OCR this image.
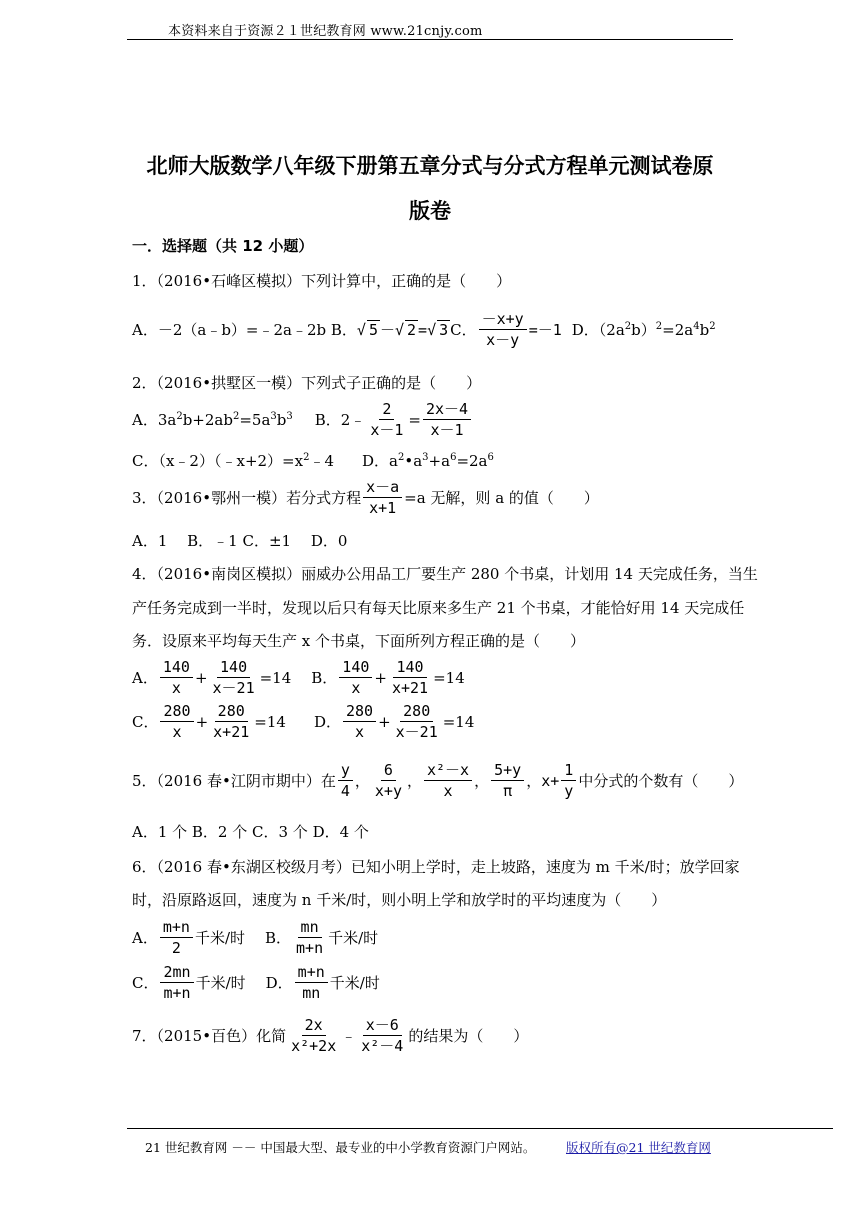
本资料来自于资源２１世纪教育网 www.21cnjy.com
北师大版数学八年级下册第五章分式与分式方程单元测试卷原
版卷
一．选择题（共 12 小题）
1．（2016•石峰区模拟）下列计算中，正确的是（　　）
A．－2（a﹣b）=﹣2a﹣2b B． √ 5 －√ 2 =√ 3 C． $\frac{-x+y}{x-y} =-1$ D．$(2a^2b)^2=2a^4b^2$
2．（2016•拱墅区一模）下列式子正确的是（　　）
A．$3a^2b+2ab^2=5a^3b^3$ B．2﹣ $\frac{2}{x-1} = \frac{2x-4}{x-1}$
C．$(x﹣2)(﹣x+2)=x^2﹣4$ D．$a^2•a^3+a^6=2a^6$
3．（2016•鄂州一模）若分式方程 $\frac{x-a}{x+1} =a$ 无解，则 a 的值（　　）
A．1　 B．﹣1 C．±1 　D．0
4．（2016•南岗区模拟）丽威办公用品工厂要生产 280 个书桌，计划用 14 天完成任务，当生
产任务完成到一半时，发现以后只有每天比原来多生产 21 个书桌，才能恰好用 14 天完成任
务．设原来平均每天生产 x 个书桌，下面所列方程正确的是（　　）
A． $\frac{140}{x} + \frac{140}{x-21} =14$ B． $\frac{140}{x} + \frac{140}{x+21} =14$
C． $\frac{280}{x} + \frac{280}{x+21} =14$ D． $\frac{280}{x} + \frac{280}{x-21} =14$
5．（2016 春•江阴市期中）在 $\frac{y}{4}$ ， $\frac{6}{x+y}$ ， $\frac{\text{x²－x}}{x}$ ， $\frac{5+y}{\pi}$ ， $x+ \frac{1}{y}$ 中分式的个数有（　　）
A．1 个 B．2 个 C．3 个 D．4 个
6．（2016 春•东湖区校级月考）已知小明上学时，走上坡路，速度为 m 千米/时；放学回家
时，沿原路返回，速度为 n 千米/时，则小明上学和放学时的平均速度为（　　）
A． $\frac{m+n}{2}$ 千米/时 B． $\frac{mn}{m+n}$ 千米/时
C． $\frac{2mn}{m+n}$ 千米/时 D． $\frac{m+n}{mn}$ 千米/时
7．（2015•百色）化简 $\frac{2x}{\text{x²+2x}}$ ﹣ $\frac{x-6}{\text{x²－4}}$ 的结果为（　　）
21 世纪教育网 －－ 中国最大型、最专业的中小学教育资源门户网站。 版权所有@21 世纪教育网
